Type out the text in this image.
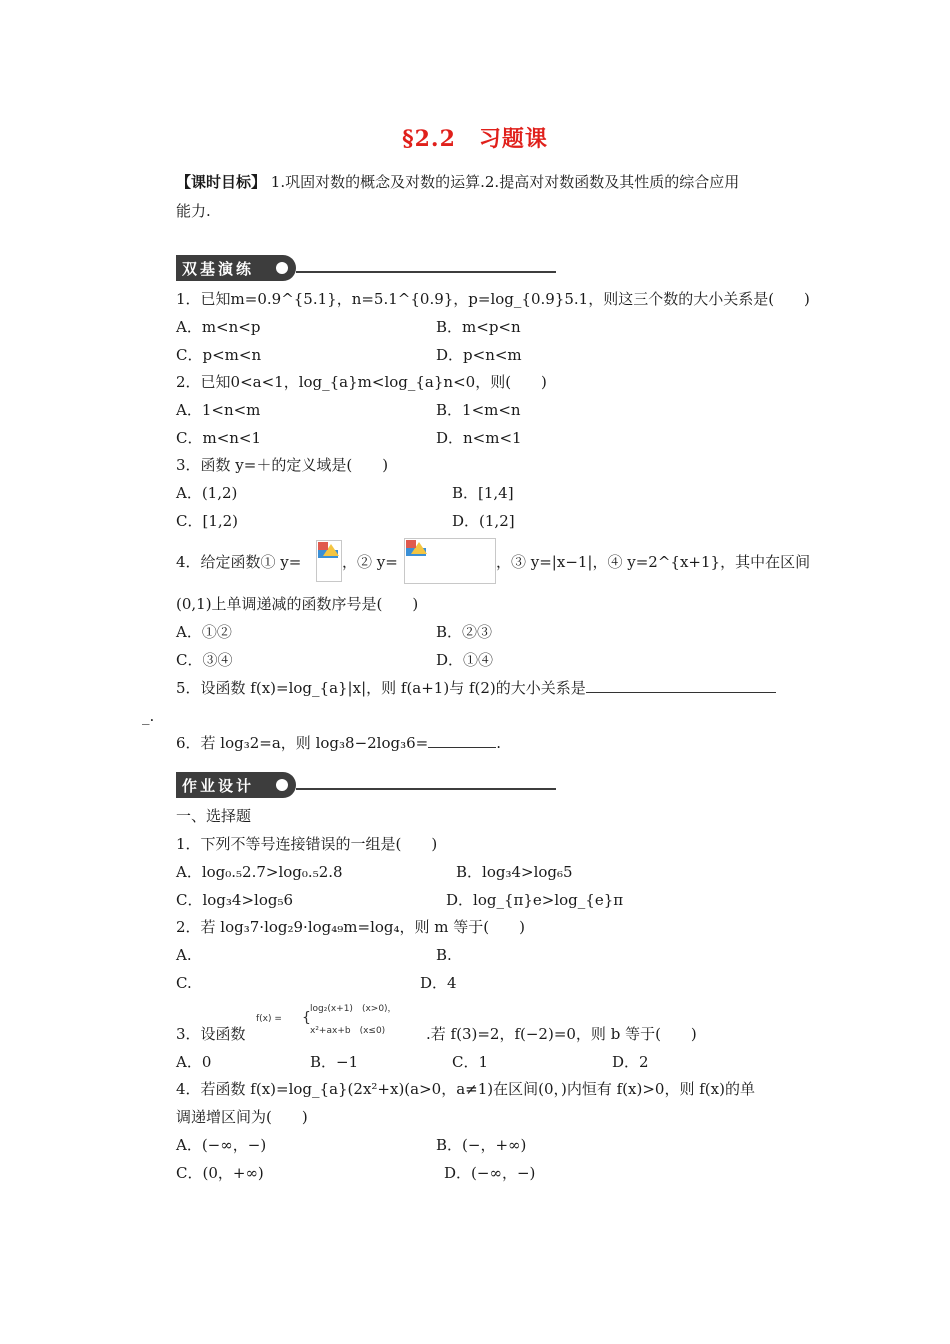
§2.2　习题课
【课时目标】 1.巩固对数的概念及对数的运算.2.提高对对数函数及其性质的综合应用
能力.
双基演练
1．已知m=0.9^{5.1}，n=5.1^{0.9}，p=log_{0.9}5.1，则这三个数的大小关系是(　　)
A．m<n<p	B．m<p<n
C．p<m<n	D．p<n<m
2．已知0<a<1，log_{a}m<log_{a}n<0，则(　　)
A．1<n<m	B．1<m<n
C．m<n<1	D．n<m<1
3．函数 y=＋的定义域是(　　)
A．(1,2)	B．[1,4]
C．[1,2)	D．(1,2]
4．给定函数① y=	，② y=	，③ y=|x−1|，④ y=2^{x+1}，其中在区间
(0,1)上单调递减的函数序号是(　　)
A．①②	B．②③
C．③④	D．①④
5．设函数 f(x)=log_{a}|x|，则 f(a+1)与 f(2)的大小关系是
_.
6．若 log₃2=a，则 log₃8−2log₃6=	.
作业设计
一、选择题
1．下列不等号连接错误的一组是(　　)
A．log₀.₅2.7>log₀.₅2.8	B．log₃4>log₆5
C．log₃4>log₅6	D．log_{π}e>log_{e}π
2．若 log₃7·log₂9·log₄₉m=log₄，则 m 等于(　　)
A.	B.
C.	D．4
3．设函数
f(x) = {
log₂(x+1)　(x>0)，
x²+ax+b　(x≤0)	.若 f(3)=2，f(−2)=0，则 b 等于(　　)
A．0	B．−1	C．1	D．2
4．若函数 f(x)=log_{a}(2x²+x)(a>0，a≠1)在区间(0，)内恒有 f(x)>0，则 f(x)的单
调递增区间为(　　)
A．(−∞，−)	B．(−，+∞)
C．(0，+∞)	D．(−∞，−)
